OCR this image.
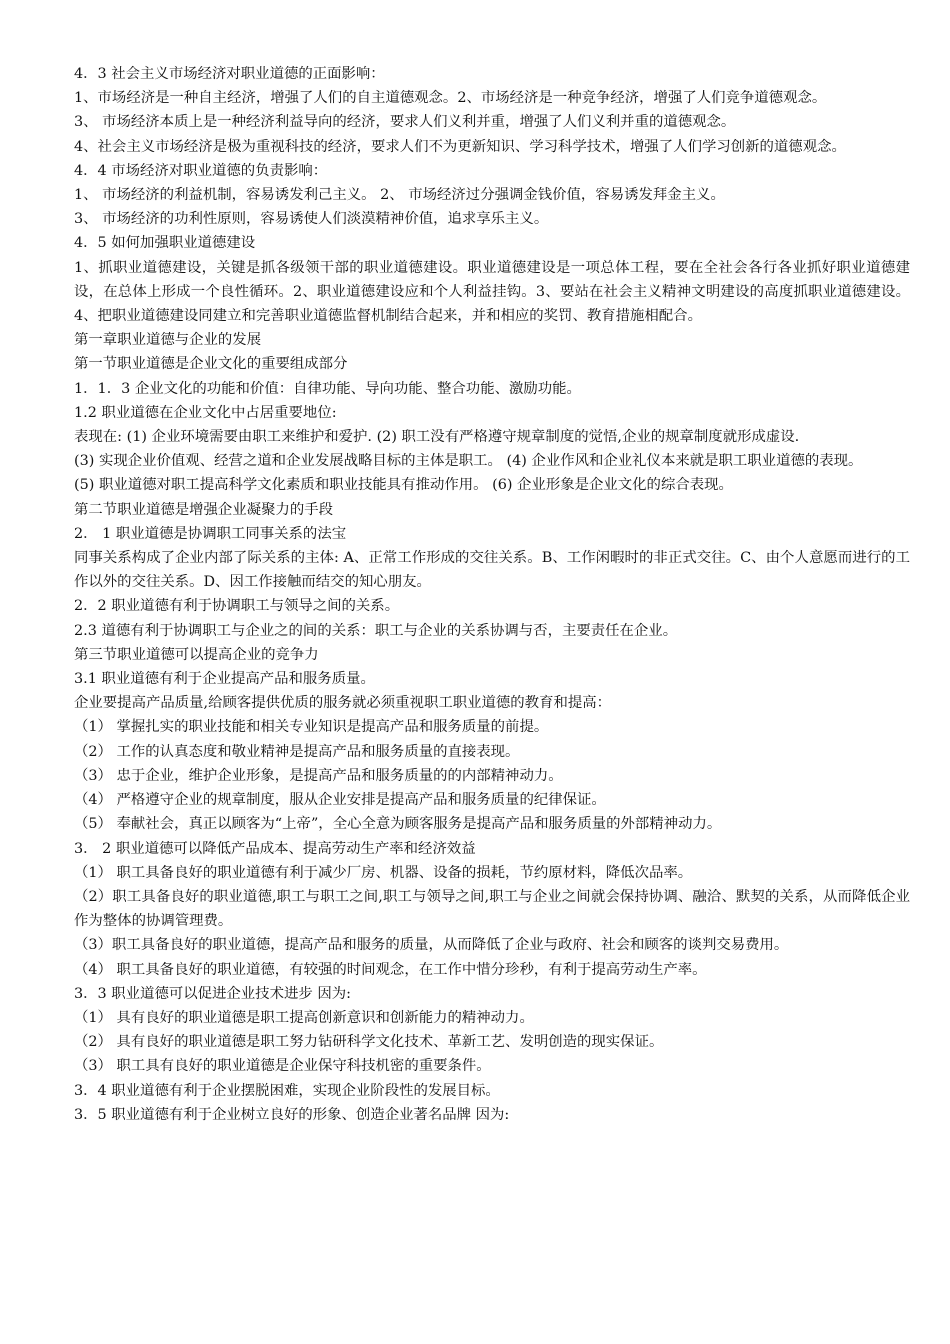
4．3 社会主义市场经济对职业道德的正面影响：

1、市场经济是一种自主经济，增强了人们的自主道德观念。2、市场经济是一种竞争经济，增强了人们竞争道德观念。

3、 市场经济本质上是一种经济利益导向的经济，要求人们义利并重，增强了人们义利并重的道德观念。

4、社会主义市场经济是极为重视科技的经济，要求人们不为更新知识、学习科学技术，增强了人们学习创新的道德观念。

4．4 市场经济对职业道德的负责影响：

1、 市场经济的利益机制，容易诱发利己主义。 2、 市场经济过分强调金钱价值，容易诱发拜金主义。

3、 市场经济的功利性原则，容易诱使人们淡漠精神价值，追求享乐主义。

4．5 如何加强职业道德建设

1、抓职业道德建设，关键是抓各级领干部的职业道德建设。职业道德建设是一项总体工程，要在全社会各行各业抓好职业道德建设，在总体上形成一个良性循环。2、职业道德建设应和个人利益挂钩。3、要站在社会主义精神文明建设的高度抓职业道德建设。4、把职业道德建设同建立和完善职业道德监督机制结合起来，并和相应的奖罚、教育措施相配合。

第一章职业道德与企业的发展

第一节职业道德是企业文化的重要组成部分

1．1．3 企业文化的功能和价值：自律功能、导向功能、整合功能、激励功能。

1.2 职业道德在企业文化中占居重要地位:

表现在: (1) 企业环境需要由职工来维护和爱护. (2) 职工没有严格遵守规章制度的觉悟,企业的规章制度就形成虚设.

(3) 实现企业价值观、经营之道和企业发展战略目标的主体是职工。 (4) 企业作风和企业礼仪本来就是职工职业道德的表现。

(5) 职业道德对职工提高科学文化素质和职业技能具有推动作用。 (6) 企业形象是企业文化的综合表现。

第二节职业道德是增强企业凝聚力的手段

2． 1 职业道德是协调职工同事关系的法宝

同事关系构成了企业内部了际关系的主体: A、正常工作形成的交往关系。B、工作闲暇时的非正式交往。C、由个人意愿而进行的工作以外的交往关系。D、因工作接触而结交的知心朋友。

2．2 职业道德有利于协调职工与领导之间的关系。

2.3 道德有利于协调职工与企业之的间的关系：职工与企业的关系协调与否，主要责任在企业。

第三节职业道德可以提高企业的竞争力

3.1 职业道德有利于企业提高产品和服务质量。

企业要提高产品质量,给顾客提供优质的服务就必须重视职工职业道德的教育和提高：

（1） 掌握扎实的职业技能和相关专业知识是提高产品和服务质量的前提。

（2） 工作的认真态度和敬业精神是提高产品和服务质量的直接表现。

（3） 忠于企业，维护企业形象，是提高产品和服务质量的的内部精神动力。

（4） 严格遵守企业的规章制度，服从企业安排是提高产品和服务质量的纪律保证。

（5） 奉献社会，真正以顾客为“上帝”，全心全意为顾客服务是提高产品和服务质量的外部精神动力。

3． 2 职业道德可以降低产品成本、提高劳动生产率和经济效益

（1） 职工具备良好的职业道德有利于减少厂房、机器、设备的损耗，节约原材料，降低次品率。

（2）职工具备良好的职业道德,职工与职工之间,职工与领导之间,职工与企业之间就会保持协调、融洽、默契的关系，从而降低企业作为整体的协调管理费。

（3）职工具备良好的职业道德，提高产品和服务的质量，从而降低了企业与政府、社会和顾客的谈判交易费用。

（4） 职工具备良好的职业道德，有较强的时间观念，在工作中惜分珍秒，有利于提高劳动生产率。

3．3 职业道德可以促进企业技术进步 因为:

（1） 具有良好的职业道德是职工提高创新意识和创新能力的精神动力。

（2） 具有良好的职业道德是职工努力钻研科学文化技术、革新工艺、发明创造的现实保证。

（3） 职工具有良好的职业道德是企业保守科技机密的重要条件。

3．4 职业道德有利于企业摆脱困难，实现企业阶段性的发展目标。

3．5 职业道德有利于企业树立良好的形象、创造企业著名品牌 因为:
